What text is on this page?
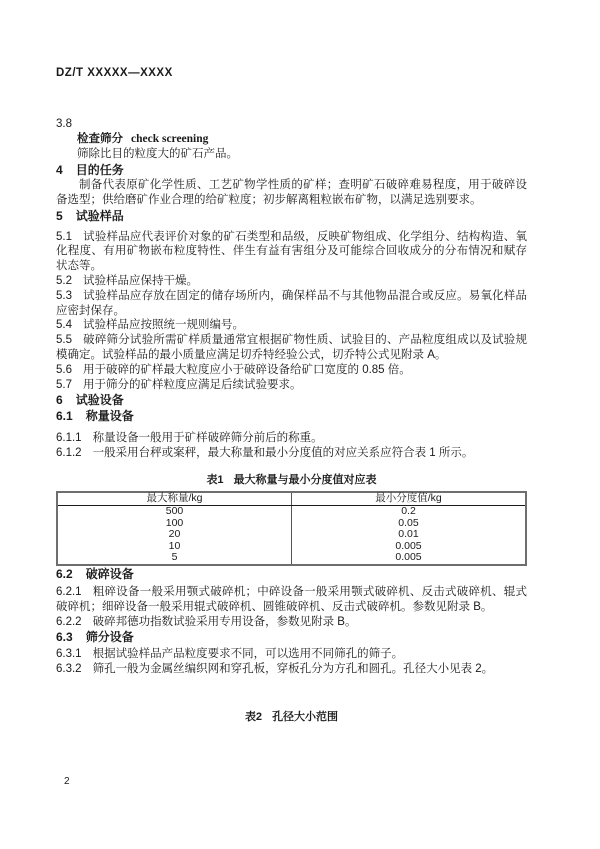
DZ/T XXXXX—XXXX
3.8
检查筛分 check screening
筛除比目的粒度大的矿石产品。
4 目的任务

制备代表原矿化学性质、工艺矿物学性质的矿样；查明矿石破碎难易程度，用于破碎设备选型；供给磨矿作业合理的给矿粒度；初步解离粗粒嵌布矿物，以满足选别要求。

5 试验样品

5.1 试验样品应代表评价对象的矿石类型和品级，反映矿物组成、化学组分、结构构造、氧化程度、有用矿物嵌布粒度特性、伴生有益有害组分及可能综合回收成分的分布情况和赋存状态等。

5.2 试验样品应保持干燥。

5.3 试验样品应存放在固定的储存场所内，确保样品不与其他物品混合或反应。易氧化样品应密封保存。

5.4 试验样品应按照统一规则编号。

5.5 破碎筛分试验所需矿样质量通常宜根据矿物性质、试验目的、产品粒度组成以及试验规模确定。试验样品的最小质量应满足切乔特经验公式，切乔特公式见附录 A。

5.6 用于破碎的矿样最大粒度应小于破碎设备给矿口宽度的 0.85 倍。

5.7 用于筛分的矿样粒度应满足后续试验要求。

6 试验设备
6.1 称量设备

6.1.1 称量设备一般用于矿样破碎筛分前后的称重。

6.1.2 一般采用台秤或案秤，最大称量和最小分度值的对应关系应符合表 1 所示。

表1 最大称量与最小分度值对应表
最大称量/kg	最小分度值/kg
500	0.2
100	0.05
20	0.01
10	0.005
5	0.005
6.2 破碎设备

6.2.1 粗碎设备一般采用颚式破碎机；中碎设备一般采用颚式破碎机、反击式破碎机、辊式破碎机；细碎设备一般采用辊式破碎机、圆锥破碎机、反击式破碎机。参数见附录 B。

6.2.2 破碎邦德功指数试验采用专用设备，参数见附录 B。

6.3 筛分设备

6.3.1 根据试验样品产品粒度要求不同，可以选用不同筛孔的筛子。

6.3.2 筛孔一般为金属丝编织网和穿孔板，穿板孔分为方孔和圆孔。孔径大小见表 2。

表2 孔径大小范围
2
